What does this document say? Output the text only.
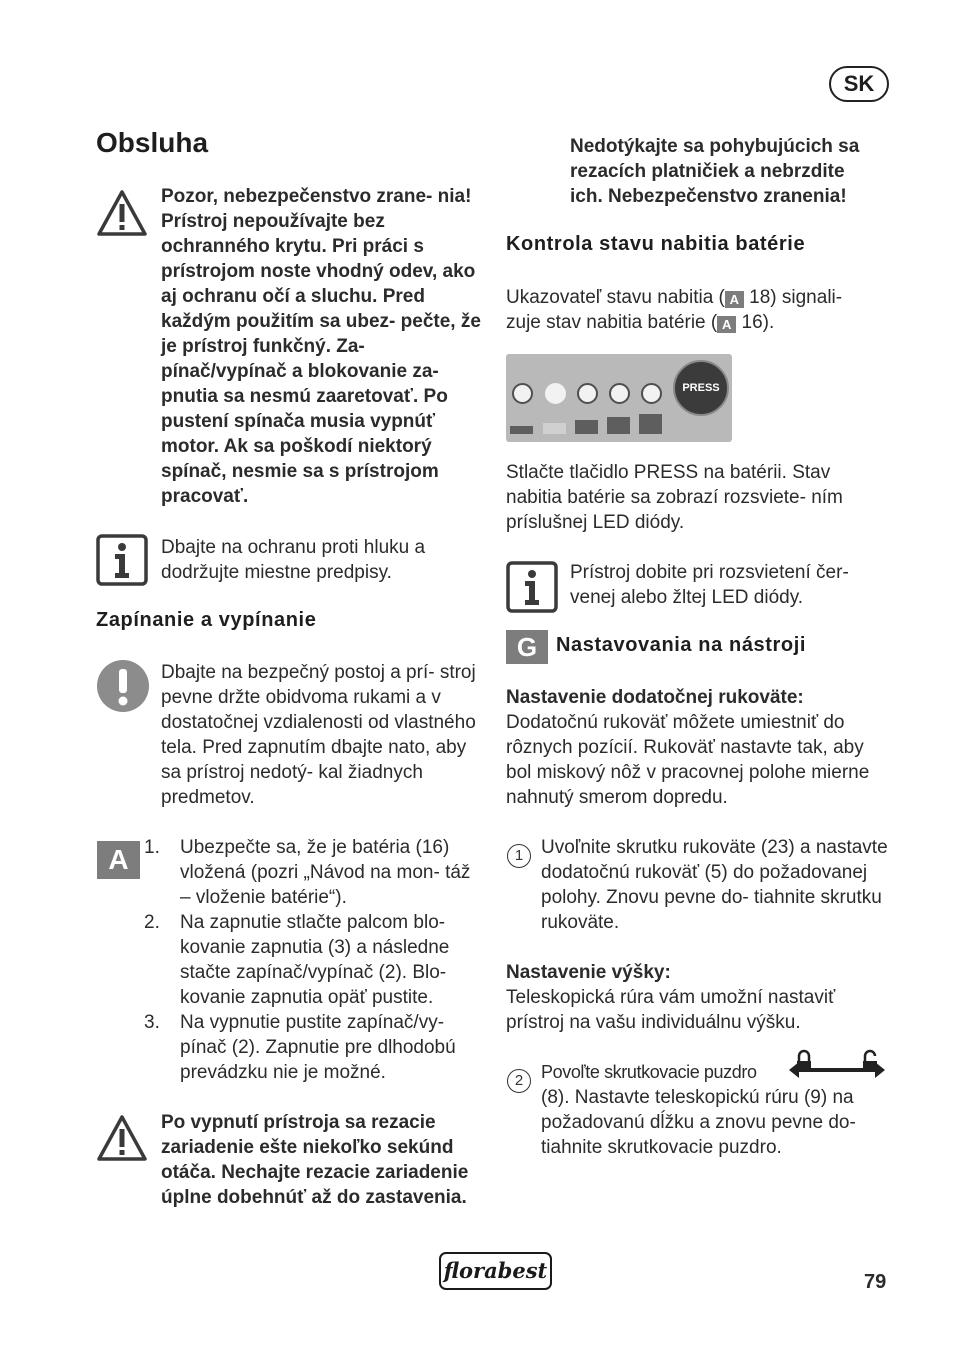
SK
Obsluha
Pozor, nebezpečenstvo zrane- nia! Prístroj nepoužívajte bez ochranného krytu. Pri práci s prístrojom noste vhodný odev, ako aj ochranu očí a sluchu. Pred každým použitím sa ubez- pečte, že je prístroj funkčný. Za- pínač/vypínač a blokovanie za- pnutia sa nesmú zaaretovať. Po pustení spínača musia vypnúť motor. Ak sa poškodí niektorý spínač, nesmie sa s prístrojom pracovať.
Dbajte na ochranu proti hluku a dodržujte miestne predpisy.
Zapínanie a vypínanie
Dbajte na bezpečný postoj a prí- stroj pevne držte obidvoma rukami a v dostatočnej vzdialenosti od vlastného tela. Pred zapnutím dbajte nato, aby sa prístroj nedotý- kal žiadnych predmetov.
A 1. Ubezpečte sa, že je batéria (16) vložená (pozri „Návod na mon- táž – vloženie batérie“).
2. Na zapnutie stlačte palcom blo- kovanie zapnutia (3) a následne stačte zapínač/vypínač (2). Blo- kovanie zapnutia opäť pustite.
3. Na vypnutie pustite zapínač/vy- pínač (2). Zapnutie pre dlhodobú prevádzku nie je možné.
Po vypnutí prístroja sa rezacie zariadenie ešte niekoľko sekúnd otáča. Nechajte rezacie zariadenie úplne dobehnúť až do zastavenia.
Nedotýkajte sa pohybujúcich sa rezacích platničiek a nebrzdite ich. Nebezpečenstvo zranenia!
Kontrola stavu nabitia batérie
Ukazovateľ stavu nabitia ( A 18) signali-
zuje stav nabitia batérie ( A 16).
PRESS
Stlačte tlačidlo PRESS na batérii. Stav nabitia batérie sa zobrazí rozsviete- ním príslušnej LED diódy.
Prístroj dobite pri rozsvietení čer- venej alebo žltej LED diódy.
G Nastavovania na nástroji
Nastavenie dodatočnej rukoväte:
Dodatočnú rukoväť môžete umiestniť do rôznych pozícií. Rukoväť nastavte tak, aby bol miskový nôž v pracovnej polohe mierne nahnutý smerom dopredu.
1 Uvoľnite skrutku rukoväte (23) a nastavte dodatočnú rukoväť (5) do požadovanej polohy. Znovu pevne do- tiahnite skrutku rukoväte.
Nastavenie výšky:
Teleskopická rúra vám umožní nastaviť prístroj na vašu individuálnu výšku.
2 Povoľte skrutkovacie puzdro
(8). Nastavte teleskopickú rúru (9) na požadovanú dĺžku a znovu pevne do- tiahnite skrutkovacie puzdro.
florabest	79
